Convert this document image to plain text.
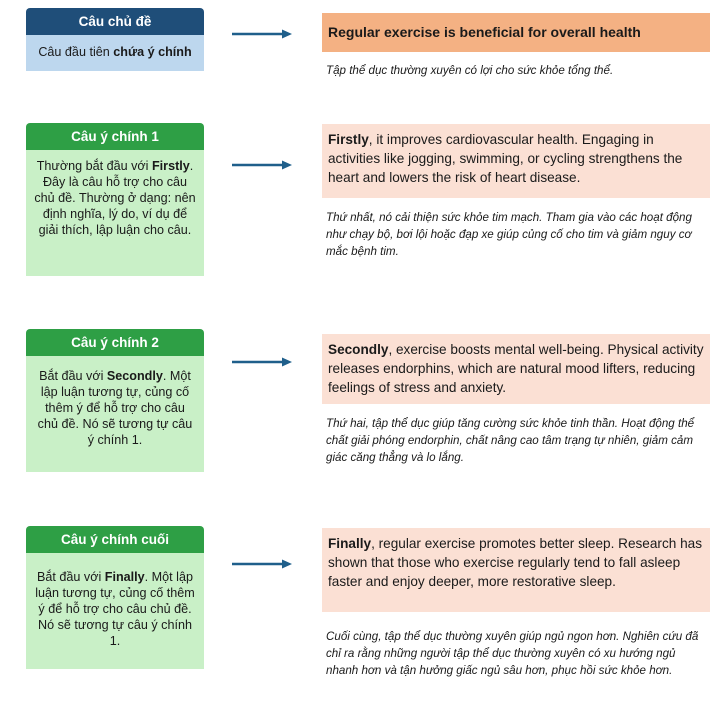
Câu chủ đề
Câu đầu tiên chứa ý chính
Regular exercise is beneficial for overall health
Tập thể dục thường xuyên có lợi cho sức khỏe tổng thể.
Câu ý chính 1
Thường bắt đầu với Firstly. Đây là câu hỗ trợ cho câu chủ đề. Thường ở dạng: nên định nghĩa, lý do, ví dụ để giải thích, lập luận cho câu.
Firstly, it improves cardiovascular health. Engaging in activities like jogging, swimming, or cycling strengthens the heart and lowers the risk of heart disease.
Thứ nhất, nó cải thiện sức khỏe tim mạch. Tham gia vào các hoạt động như chạy bộ, bơi lội hoặc đạp xe giúp củng cố cho tim và giảm nguy cơ mắc bệnh tim.
Câu ý chính 2
Bắt đầu với Secondly. Một lập luận tương tự, củng cố thêm ý để hỗ trợ cho câu chủ đề. Nó sẽ tương tự câu ý chính 1.
Secondly, exercise boosts mental well-being. Physical activity releases endorphins, which are natural mood lifters, reducing feelings of stress and anxiety.
Thứ hai, tập thể dục giúp tăng cường sức khỏe tinh thần. Hoạt động thể chất giải phóng endorphin, chất nâng cao tâm trạng tự nhiên, giảm cảm giác căng thẳng và lo lắng.
Câu ý chính cuối
Bắt đầu với Finally. Một lập luận tương tự, củng cố thêm ý để hỗ trợ cho câu chủ đề. Nó sẽ tương tự câu ý chính 1.
Finally, regular exercise promotes better sleep. Research has shown that those who exercise regularly tend to fall asleep faster and enjoy deeper, more restorative sleep.
Cuối cùng, tập thể dục thường xuyên giúp ngủ ngon hơn. Nghiên cứu đã chỉ ra rằng những người tập thể dục thường xuyên có xu hướng ngủ nhanh hơn và tận hưởng giấc ngủ sâu hơn, phục hồi sức khỏe hơn.
